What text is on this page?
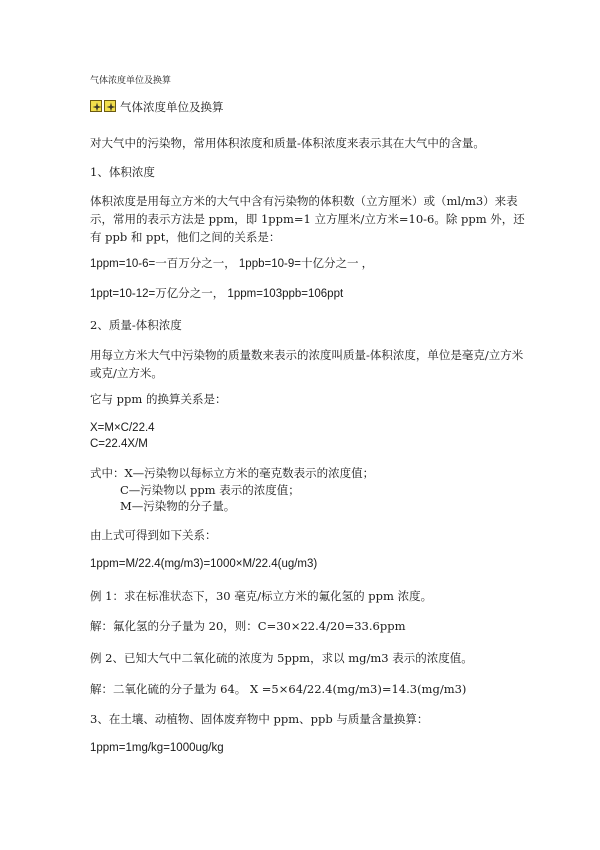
气体浓度单位及换算
气体浓度单位及换算
对大气中的污染物，常用体积浓度和质量-体积浓度来表示其在大气中的含量。
1、体积浓度
体积浓度是用每立方米的大气中含有污染物的体积数（立方厘米）或（ml/m3）来表示，常用的表示方法是 ppm，即 1ppm=1 立方厘米/立方米=10-6。除 ppm 外，还有 ppb 和 ppt，他们之间的关系是：
1ppm=10-6=一百万分之一， 1ppb=10-9=十亿分之一 ，
1ppt=10-12=万亿分之一， 1ppm=103ppb=106ppt
2、质量-体积浓度
用每立方米大气中污染物的质量数来表示的浓度叫质量-体积浓度，单位是毫克/立方米 或克/立方米。
它与 ppm 的换算关系是：
X=M×C/22.4
C=22.4X/M
式中：X—污染物以每标立方米的毫克数表示的浓度值；
C—污染物以 ppm 表示的浓度值；
M—污染物的分子量。
由上式可得到如下关系：
1ppm=M/22.4(mg/m3)=1000×M/22.4(ug/m3)
例 1：求在标准状态下，30 毫克/标立方米的氟化氢的 ppm 浓度。
解：氟化氢的分子量为 20，则：C=30×22.4/20=33.6ppm
例 2、已知大气中二氧化硫的浓度为 5ppm，求以 mg/m3 表示的浓度值。
解：二氧化硫的分子量为 64。 X =5×64/22.4(mg/m3)=14.3(mg/m3)
3、在土壤、动植物、固体废弃物中 ppm、ppb 与质量含量换算：
1ppm=1mg/kg=1000ug/kg
